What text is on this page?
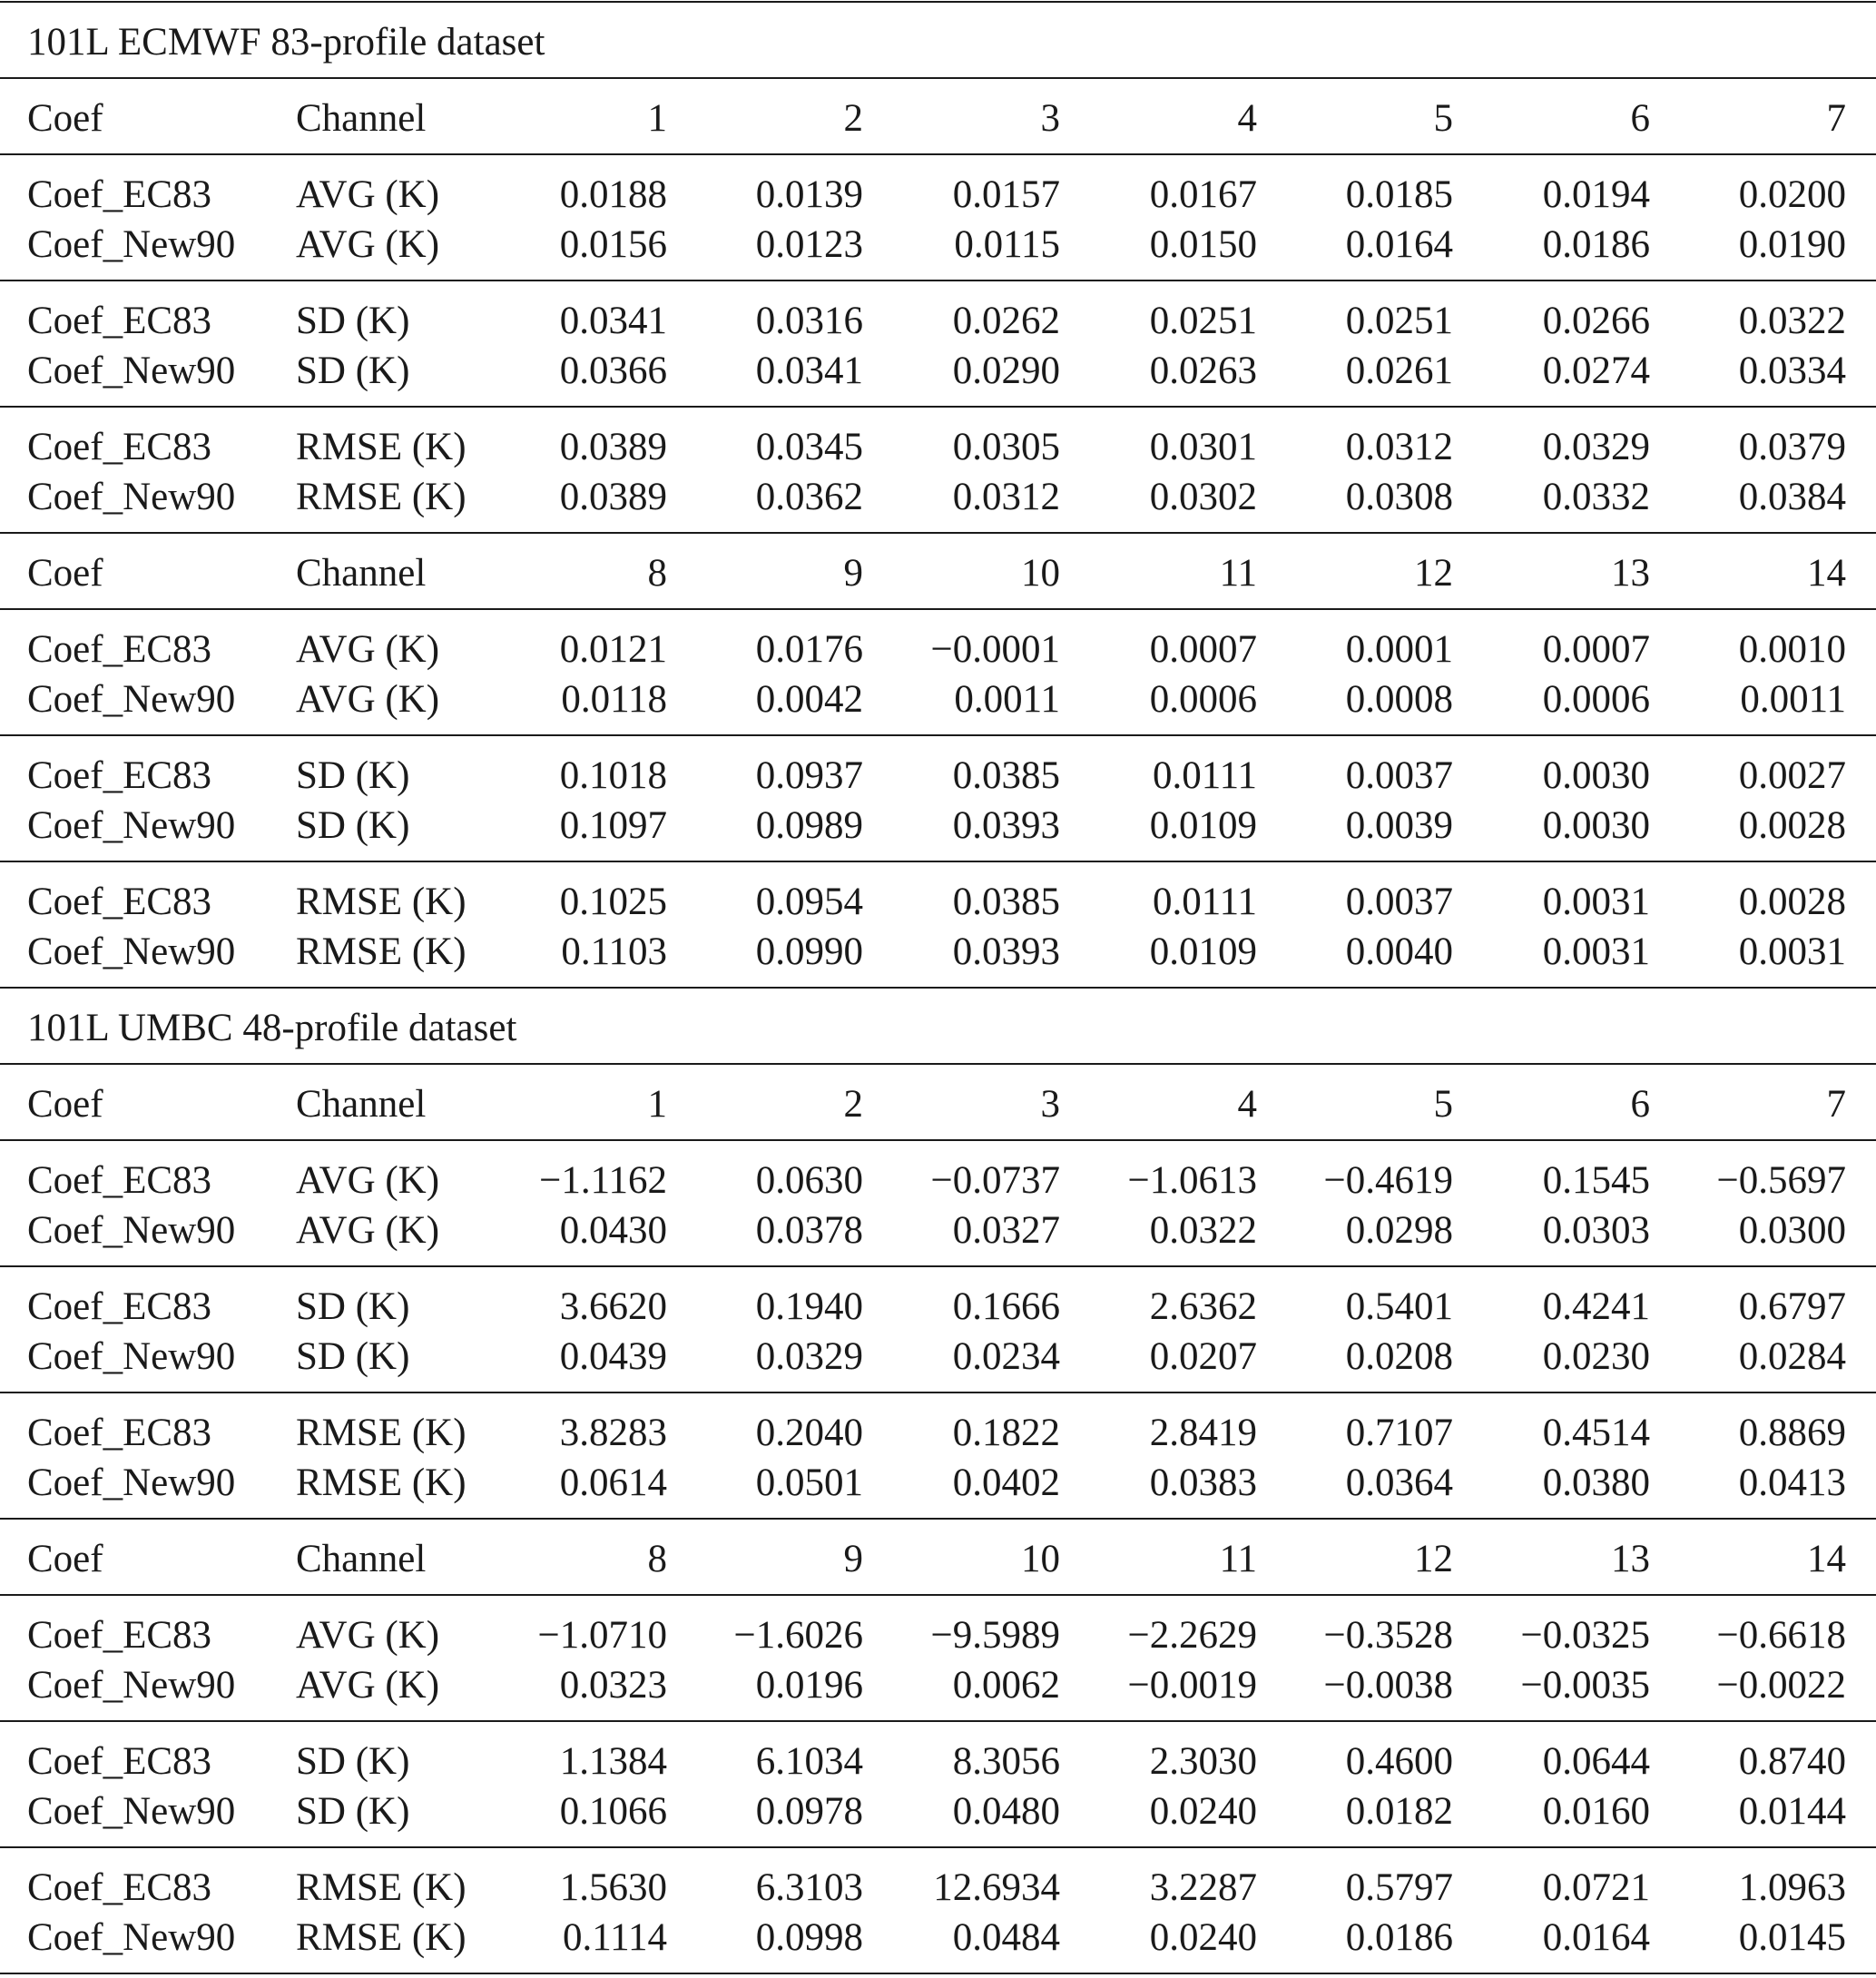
101L ECMWF 83-profile dataset
Coef	Channel	1	2	3	4	5	6	7
Coef_EC83 AVG (K)	0.0188 0.0139 0.0157 0.0167 0.0185 0.0194 0.0200
Coef_New90 AVG (K)	0.0156 0.0123 0.0115 0.0150 0.0164 0.0186 0.0190
Coef_EC83 SD (K)	0.0341 0.0316 0.0262 0.0251 0.0251 0.0266 0.0322
Coef_New90 SD (K)	0.0366 0.0341 0.0290 0.0263 0.0261 0.0274 0.0334
Coef_EC83 RMSE (K) 0.0389 0.0345 0.0305 0.0301 0.0312 0.0329 0.0379
Coef_New90 RMSE (K) 0.0389 0.0362 0.0312 0.0302 0.0308 0.0332 0.0384
Coef	Channel	8	9	10	11	12	13	14
Coef_EC83 AVG (K)	0.0121 0.0176 −0.0001 0.0007 0.0001 0.0007 0.0010
Coef_New90 AVG (K)	0.0118 0.0042 0.0011 0.0006 0.0008 0.0006 0.0011
Coef_EC83 SD (K)	0.1018 0.0937 0.0385 0.0111 0.0037 0.0030 0.0027
Coef_New90 SD (K)	0.1097 0.0989 0.0393 0.0109 0.0039 0.0030 0.0028
Coef_EC83 RMSE (K) 0.1025 0.0954 0.0385 0.0111 0.0037 0.0031 0.0028
Coef_New90 RMSE (K) 0.1103 0.0990 0.0393 0.0109 0.0040 0.0031 0.0031
101L UMBC 48-profile dataset
Coef	Channel	1	2	3	4	5	6	7
Coef_EC83 AVG (K)	−1.1162 0.0630 −0.0737 −1.0613 −0.4619 0.1545 −0.5697
Coef_New90 AVG (K)	0.0430 0.0378 0.0327 0.0322 0.0298 0.0303 0.0300
Coef_EC83 SD (K)	3.6620 0.1940 0.1666 2.6362 0.5401 0.4241 0.6797
Coef_New90 SD (K)	0.0439 0.0329 0.0234 0.0207 0.0208 0.0230 0.0284
Coef_EC83 RMSE (K) 3.8283 0.2040 0.1822 2.8419 0.7107 0.4514 0.8869
Coef_New90 RMSE (K) 0.0614 0.0501 0.0402 0.0383 0.0364 0.0380 0.0413
Coef	Channel	8	9	10	11	12	13	14
Coef_EC83 AVG (K)	−1.0710 −1.6026 −9.5989 −2.2629 −0.3528 −0.0325 −0.6618
Coef_New90 AVG (K)	0.0323 0.0196 0.0062 −0.0019 −0.0038 −0.0035 −0.0022
Coef_EC83 SD (K)	1.1384 6.1034 8.3056 2.3030 0.4600 0.0644 0.8740
Coef_New90 SD (K)	0.1066 0.0978 0.0480 0.0240 0.0182 0.0160 0.0144
Coef_EC83 RMSE (K) 1.5630 6.3103 12.6934 3.2287 0.5797 0.0721 1.0963
Coef_New90 RMSE (K) 0.1114 0.0998 0.0484 0.0240 0.0186 0.0164 0.0145
